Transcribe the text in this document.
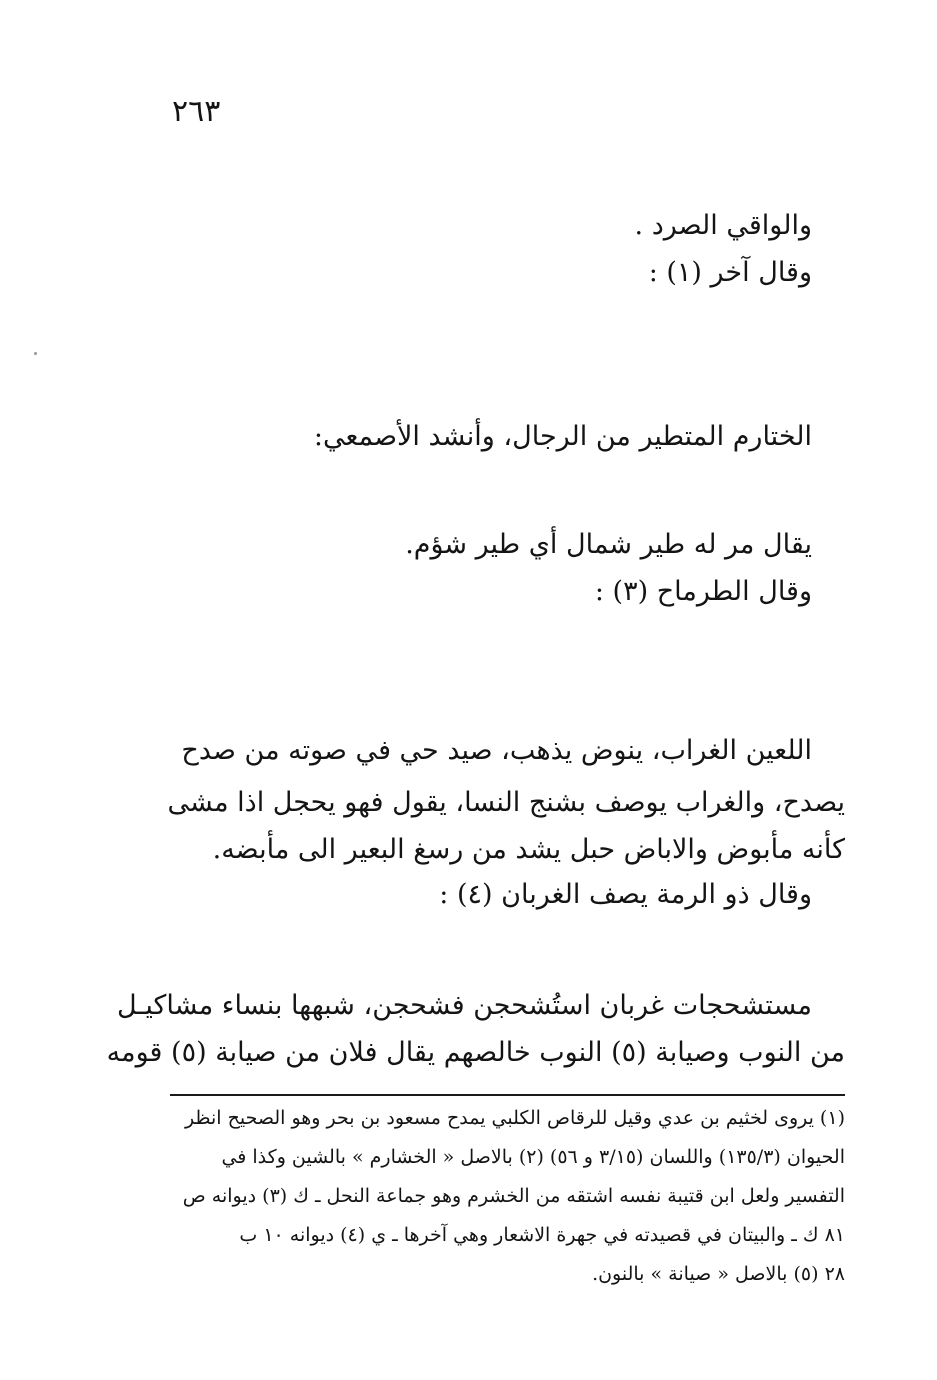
٢٦٣
والواقي الصرد .
وقال آخر (١) :
الختارم المتطير من الرجال، وأنشد الأصمعي:
يقال مر له طير شمال أي طير شؤم.
وقال الطرماح (٣) :
اللعين الغراب، ينوض يذهب، صيد حي في صوته من صدح
يصدح، والغراب يوصف بشنج النسا، يقول فهو يحجل اذا مشى
كأنه مأبوض والاباض حبل يشد من رسغ البعير الى مأبضه.
وقال ذو الرمة يصف الغربان (٤) :
مستشحجات غربان استُشحجن فشحجن، شبهها بنساء مشاكيـل
من النوب وصيابة (٥) النوب خالصهم يقال فلان من صيابة (٥) قومه
(١) يروى لخثيم بن عدي وقيل للرقاص الكلبي يمدح مسعود بن بحر وهو الصحيح انظر
الحيوان (١٣٥/٣) واللسان (٣/١٥ و ٥٦) (٢) بالاصل « الخشارم » بالشين وكذا في
التفسير ولعل ابن قتيبة نفسه اشتقه من الخشرم وهو جماعة النحل ـ ك (٣) ديوانه ص
٨١ ك ـ والبيتان في قصيدته في جهرة الاشعار وهي آخرها ـ ي (٤) ديوانه ١٠ ب
٢٨ (٥) بالاصل « صيانة » بالنون.
